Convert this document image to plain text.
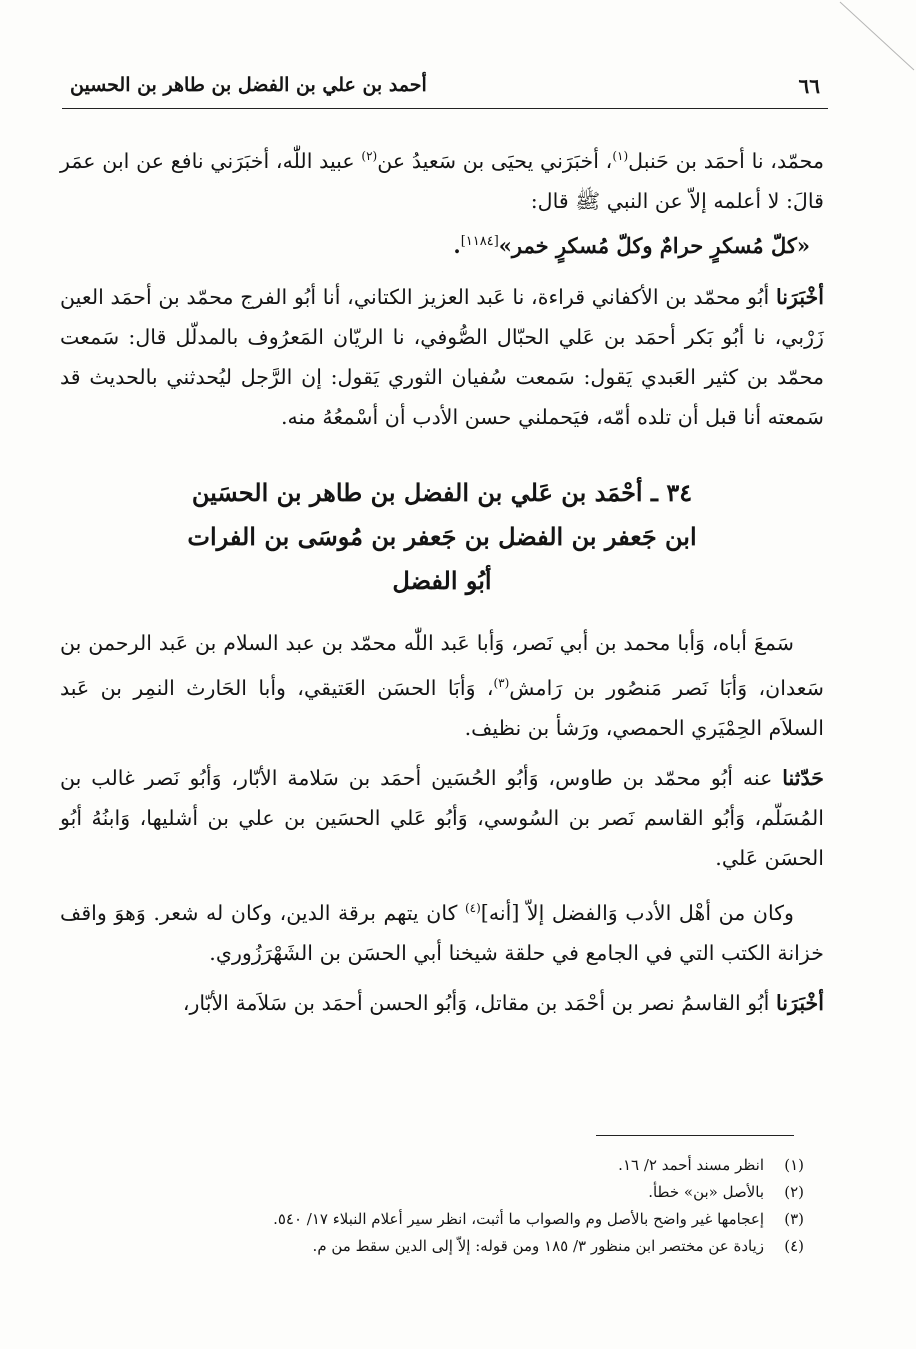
أحمد بن علي بن الفضل بن طاهر بن الحسين	٦٦

محمّد، نا أحمَد بن حَنبل$^{(١)}$، أخبَرَني يحيَى بن سَعيدُ عن$^{(٢)}$ عبيد اللّٰه، أخبَرَني نافع عن ابن عمَر قالَ: لا أعلمه إلاّ عن النبي ﷺ قال:

«كلّ مُسكرٍ حرامٌ وكلّ مُسكرٍ خمر»[١١٨٤].

أخْبَرَنا أبُو محمّد بن الأكفاني قراءة، نا عَبد العزيز الكتاني، أنا أبُو الفرج محمّد بن أحمَد العين زَرْبي، نا أبُو بَكر أحمَد بن عَلي الحبّال الصُّوفي، نا الريّان المَعرُوف بالمدلّل قال: سَمعت محمّد بن كثير العَبدي يَقول: سَمعت سُفيان الثوري يَقول: إن الرَّجل ليُحدثني بالحديث قد سَمعته أنا قبل أن تلده أمّه، فيَحملني حسن الأدب أن أسْمعُهُ منه.

٣٤ ـ أحْمَد بن عَلي بن الفضل بن طاهر بن الحسَين
ابن جَعفر بن الفضل بن جَعفر بن مُوسَى بن الفرات
أبُو الفضل

سَمعَ أباه، وَأبا محمد بن أبي نَصر، وَأبا عَبد اللّٰه محمّد بن عبد السلام بن عَبد الرحمن بن سَعدان، وَأبَا نَصر مَنصُور بن رَامش$^{(٣)}$، وَأبَا الحسَن العَتيقي، وأبا الحَارث النمِر بن عَبد السلاَم الحِمْيَري الحمصي، ورَشأ بن نظيف.

حَدّثنا عنه أبُو محمّد بن طاوس، وَأبُو الحُسَين أحمَد بن سَلامة الأبّار، وَأبُو نَصر غالب بن المُسَلّم، وَأبُو القاسم نَصر بن السُوسي، وَأبُو عَلي الحسَين بن علي بن أشليها، وَابنُهُ أبُو الحسَن عَلي.

وكان من أهْل الأدب وَالفضل إلاّ [أنه]$^{(٤)}$ كان يتهم برقة الدين، وكان له شعر. وَهوَ واقف خزانة الكتب التي في الجامع في حلقة شيخنا أبي الحسَن بن الشَهْرَزُوري.

أخْبَرَنا أبُو القاسمُ نصر بن أحْمَد بن مقاتل، وَأبُو الحسن أحمَد بن سَلاَمة الأبّار،

(١)انظر مسند أحمد ٢/ ١٦.
(٢)بالأصل «بن» خطأ.
(٣)إعجامها غير واضح بالأصل وم والصواب ما أثبت، انظر سير أعلام النبلاء ١٧/ ٥٤٠.
(٤)زيادة عن مختصر ابن منظور ٣/ ١٨٥ ومن قوله: إلاّ إلى الدين سقط من م.
